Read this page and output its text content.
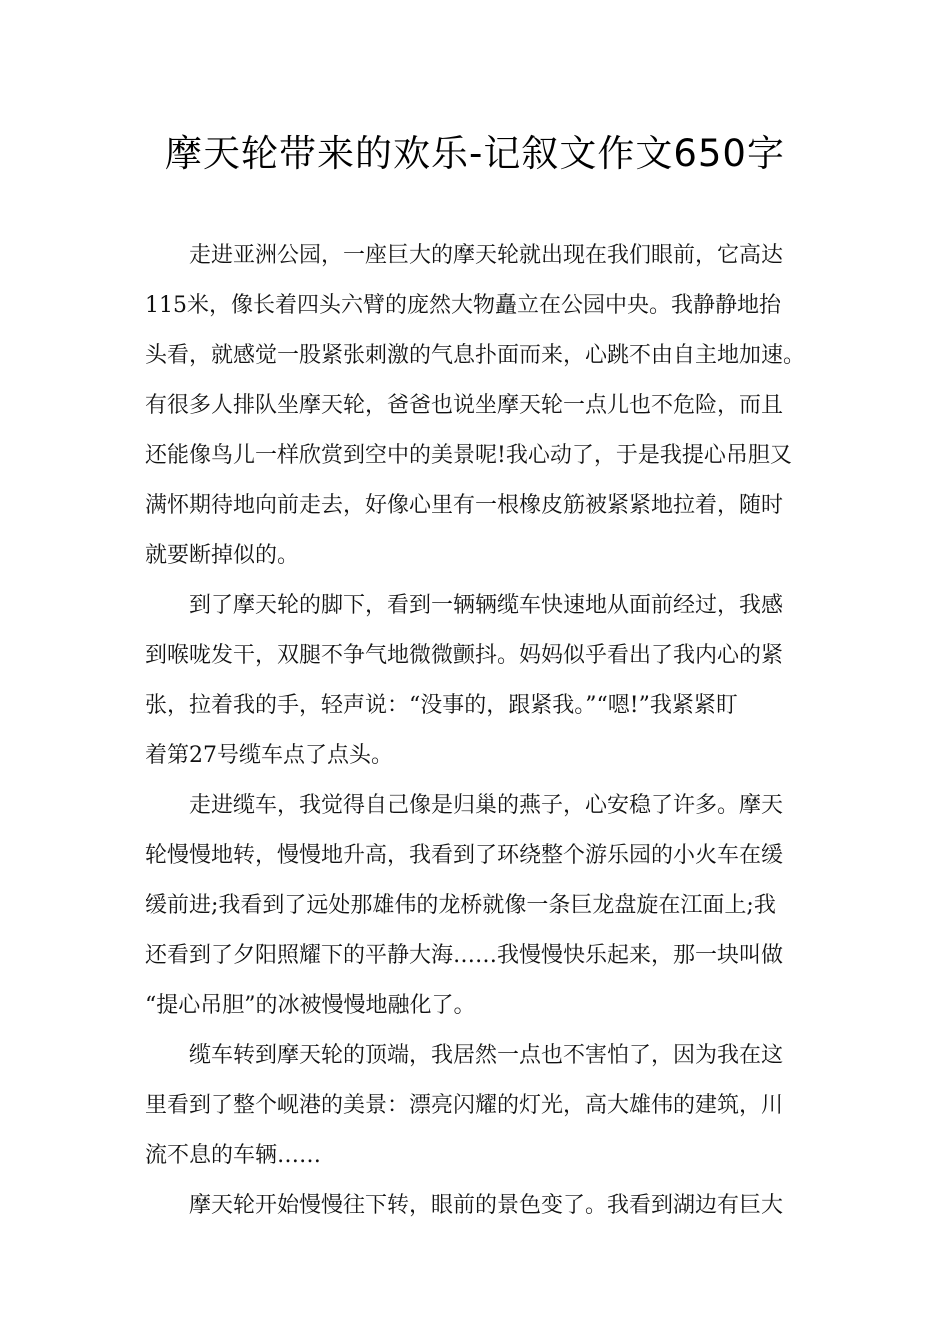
摩天轮带来的欢乐-记叙文作文650字
走进亚洲公园，一座巨大的摩天轮就出现在我们眼前，它高达
115米，像长着四头六臂的庞然大物矗立在公园中央。我静静地抬
头看，就感觉一股紧张刺激的气息扑面而来，心跳不由自主地加速。
有很多人排队坐摩天轮，爸爸也说坐摩天轮一点儿也不危险，而且
还能像鸟儿一样欣赏到空中的美景呢!我心动了，于是我提心吊胆又
满怀期待地向前走去，好像心里有一根橡皮筋被紧紧地拉着，随时
就要断掉似的。
到了摩天轮的脚下，看到一辆辆缆车快速地从面前经过，我感
到喉咙发干，双腿不争气地微微颤抖。妈妈似乎看出了我内心的紧
张，拉着我的手，轻声说：“没事的，跟紧我。”“嗯!”我紧紧盯
着第27号缆车点了点头。
走进缆车，我觉得自己像是归巢的燕子，心安稳了许多。摩天
轮慢慢地转，慢慢地升高，我看到了环绕整个游乐园的小火车在缓
缓前进;我看到了远处那雄伟的龙桥就像一条巨龙盘旋在江面上;我
还看到了夕阳照耀下的平静大海……我慢慢快乐起来，那一块叫做
“提心吊胆”的冰被慢慢地融化了。
缆车转到摩天轮的顶端，我居然一点也不害怕了，因为我在这
里看到了整个岘港的美景：漂亮闪耀的灯光，高大雄伟的建筑，川
流不息的车辆……
摩天轮开始慢慢往下转，眼前的景色变了。我看到湖边有巨大
